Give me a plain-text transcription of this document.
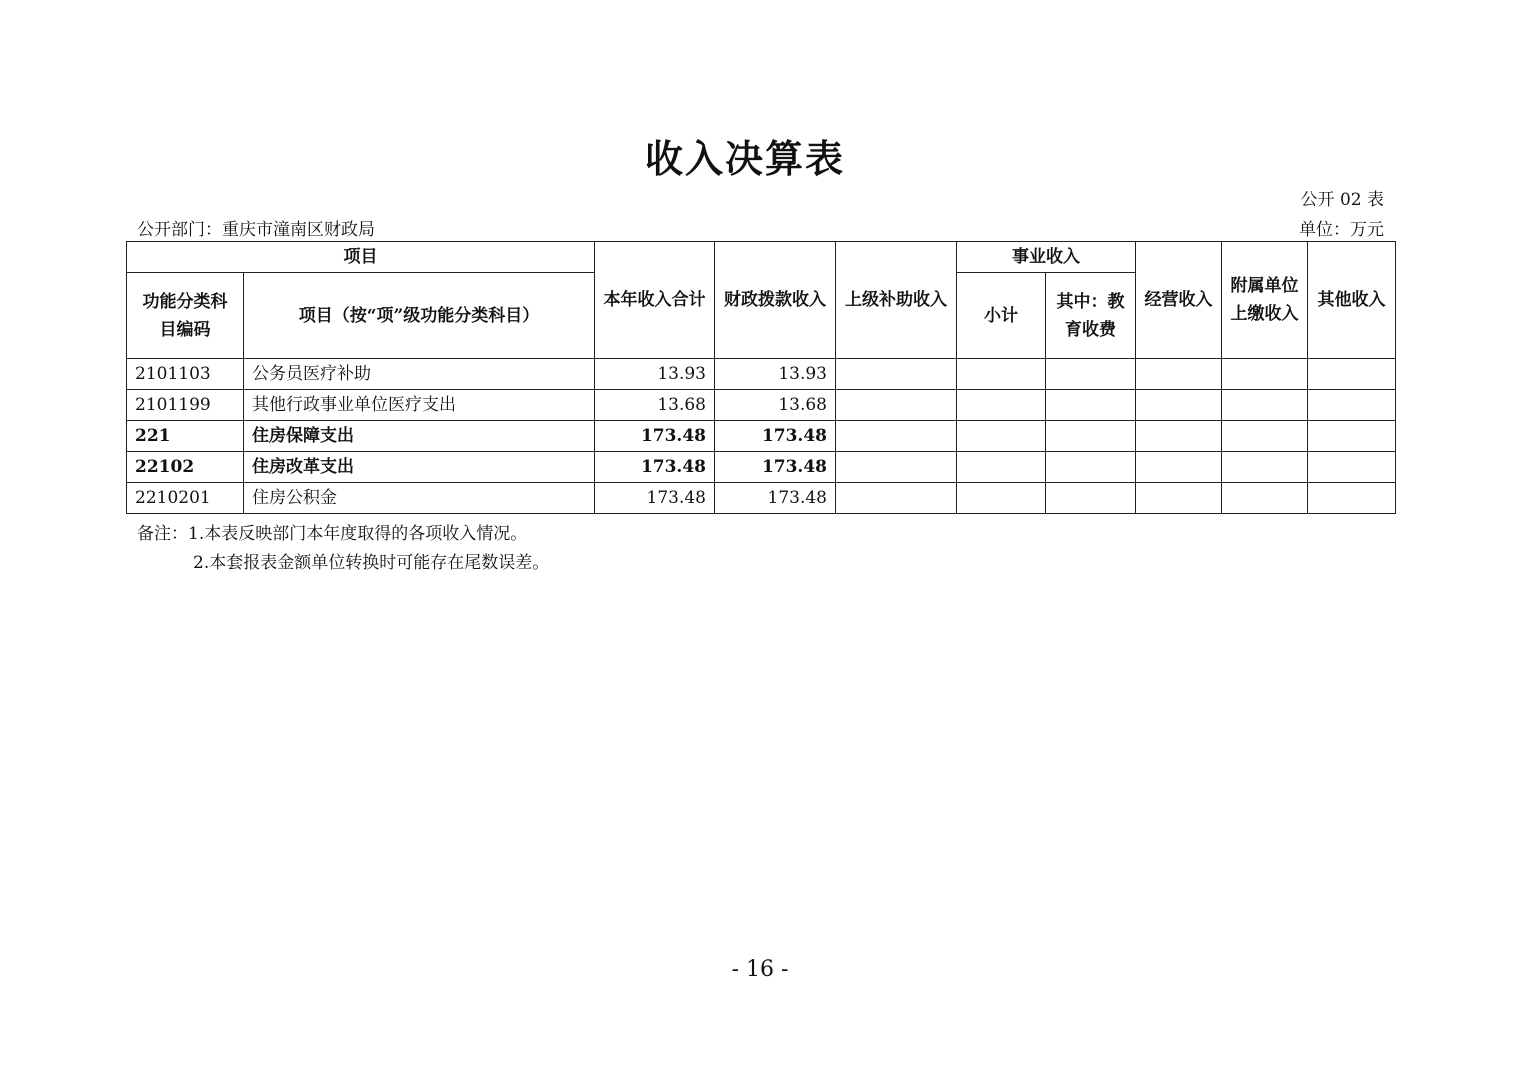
收入决算表
公开 02 表
公开部门：重庆市潼南区财政局	单位：万元
项目		本年收入合计	财政拨款收入	上级补助收入	事业收入		经营收入	附属单位上缴收入	其他收入
功能分类科目编码	项目（按“项”级功能分类科目）				小计	其中：教育收费			
2101103	公务员医疗补助	13.93	13.93						
2101199	其他行政事业单位医疗支出	13.68	13.68						
221	住房保障支出	173.48	173.48						
22102	住房改革支出	173.48	173.48						
2210201	住房公积金	173.48	173.48						
备注：1.本表反映部门本年度取得的各项收入情况。
2.本套报表金额单位转换时可能存在尾数误差。
- 16 -
